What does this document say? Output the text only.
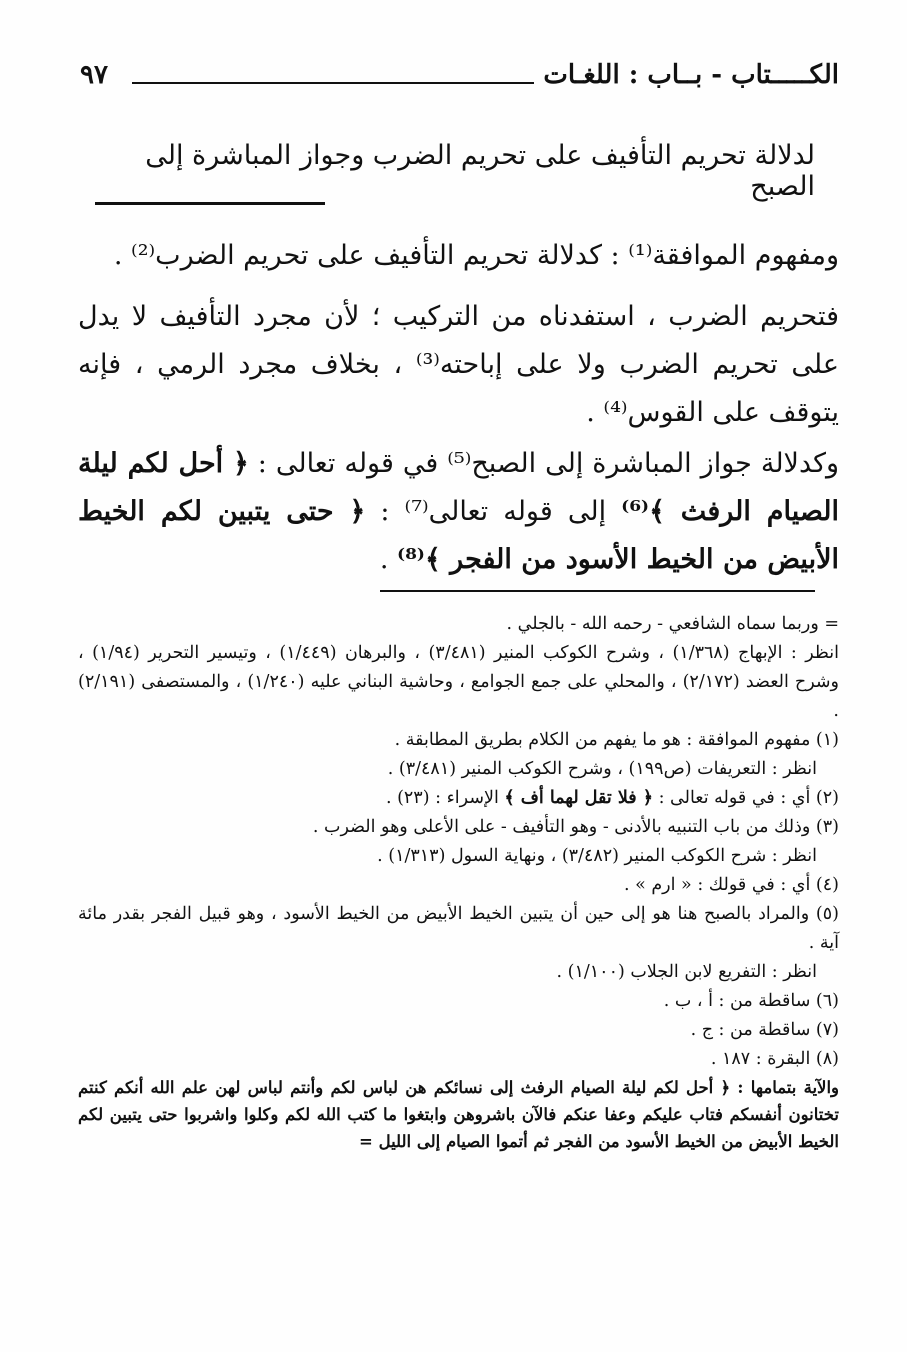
الكـــــتاب - بــاب : اللغـات
٩٧
لدلالة تحريم التأفيف على تحريم الضرب وجواز المباشرة إلى الصبح
ومفهوم الموافقة⁽¹⁾ : كدلالة تحريم التأفيف على تحريم الضرب⁽²⁾ .
فتحريم الضرب ، استفدناه من التركيب ؛ لأن مجرد التأفيف لا يدل على تحريم الضرب ولا على إباحته⁽³⁾ ، بخلاف مجرد الرمي ، فإنه يتوقف على القوس⁽⁴⁾ .
وكدلالة جواز المباشرة إلى الصبح⁽⁵⁾ في قوله تعالى : ﴿ أحل لكم ليلة الصيام الرفث ﴾⁽⁶⁾ إلى قوله تعالى⁽⁷⁾ : ﴿ حتى يتبين لكم الخيط الأبيض من الخيط الأسود من الفجر ﴾⁽⁸⁾ .
= وربما سماه الشافعي - رحمه الله - بالجلي .
انظر : الإبهاج (١/٣٦٨) ، وشرح الكوكب المنير (٣/٤٨١) ، والبرهان (١/٤٤٩) ، وتيسير التحرير (١/٩٤) ، وشرح العضد (٢/١٧٢) ، والمحلي على جمع الجوامع ، وحاشية البناني عليه (١/٢٤٠) ، والمستصفى (٢/١٩١) .
(١) مفهوم الموافقة : هو ما يفهم من الكلام بطريق المطابقة .
انظر : التعريفات (ص١٩٩) ، وشرح الكوكب المنير (٣/٤٨١) .
(٢) أي : في قوله تعالى : ﴿ فلا تقل لهما أف ﴾ الإسراء : (٢٣) .
(٣) وذلك من باب التنبيه بالأدنى - وهو التأفيف - على الأعلى وهو الضرب .
انظر : شرح الكوكب المنير (٣/٤٨٢) ، ونهاية السول (١/٣١٣) .
(٤) أي : في قولك : « ارم » .
(٥) والمراد بالصبح هنا هو إلى حين أن يتبين الخيط الأبيض من الخيط الأسود ، وهو قبيل الفجر بقدر مائة آية .
انظر : التفريع لابن الجلاب (١/١٠٠) .
(٦) ساقطة من : أ ، ب .
(٧) ساقطة من : ج .
(٨) البقرة : ١٨٧ .
والآية بتمامها : ﴿ أحل لكم ليلة الصيام الرفث إلى نسائكم هن لباس لكم وأنتم لباس لهن علم الله أنكم كنتم تختانون أنفسكم فتاب عليكم وعفا عنكم فالآن باشروهن وابتغوا ما كتب الله لكم وكلوا واشربوا حتى يتبين لكم الخيط الأبيض من الخيط الأسود من الفجر ثم أتموا الصيام إلى الليل =
